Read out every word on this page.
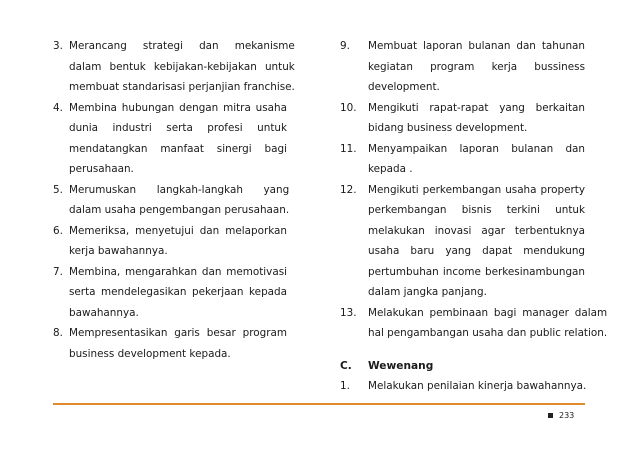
3. Merancang strategi dan mekanisme
dalam bentuk kebijakan-kebijakan untuk
membuat standarisasi perjanjian franchise.
4. Membina hubungan dengan mitra usaha
dunia industri serta profesi untuk
mendatangkan manfaat sinergi bagi
perusahaan.
5. Merumuskan langkah-langkah yang
dalam usaha pengembangan perusahaan.
6. Memeriksa, menyetujui dan melaporkan
kerja bawahannya.
7. Membina, mengarahkan dan memotivasi
serta mendelegasikan pekerjaan kepada
bawahannya.
8. Mempresentasikan garis besar program
business development kepada.
9.	Membuat laporan bulanan dan tahunan
kegiatan program kerja bussiness
development.
10.	Mengikuti rapat-rapat yang berkaitan
bidang business development.
11.	Menyampaikan laporan bulanan dan
kepada .
12.	Mengikuti perkembangan usaha property
perkembangan bisnis terkini untuk
melakukan inovasi agar terbentuknya
usaha baru yang dapat mendukung
pertumbuhan income berkesinambungan
dalam jangka panjang.
13.	Melakukan pembinaan bagi manager dalam
hal pengambangan usaha dan public relation.
C.	Wewenang
1.	Melakukan penilaian kinerja bawahannya.
233
